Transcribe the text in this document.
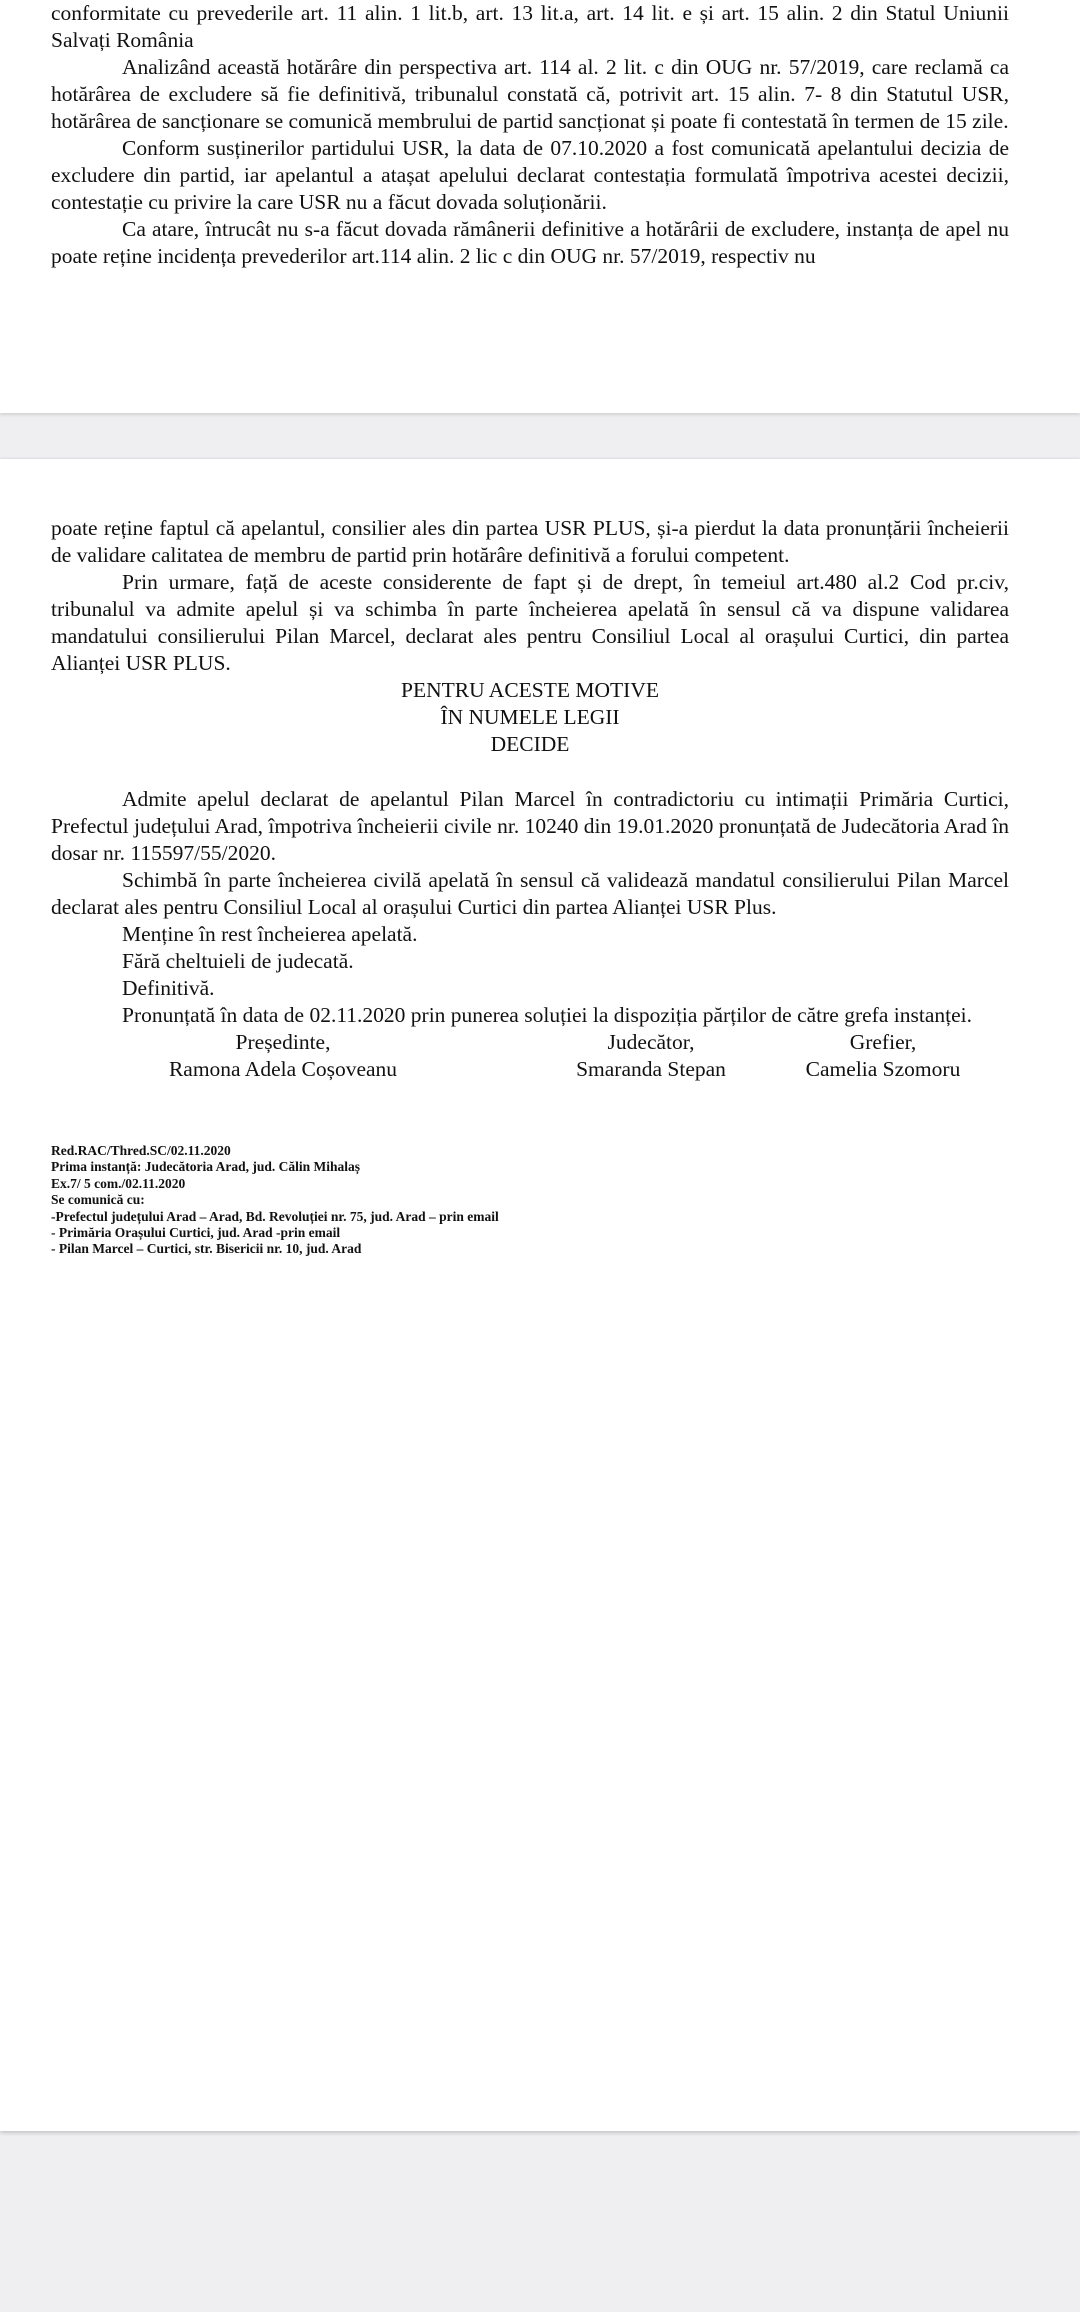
conformitate cu prevederile art. 11 alin. 1 lit.b, art. 13 lit.a, art. 14 lit. e și art. 15 alin. 2 din Statul Uniunii Salvați România

Analizând această hotărâre din perspectiva art. 114 al. 2 lit. c din OUG nr. 57/2019, care reclamă ca hotărârea de excludere să fie definitivă, tribunalul constată că, potrivit art. 15 alin. 7- 8 din Statutul USR, hotărârea de sancționare se comunică membrului de partid sancționat și poate fi contestată în termen de 15 zile.

Conform susținerilor partidului USR, la data de 07.10.2020 a fost comunicată apelantului decizia de excludere din partid, iar apelantul a atașat apelului declarat contestația formulată împotriva acestei decizii, contestație cu privire la care USR nu a făcut dovada soluționării.

Ca atare, întrucât nu s-a făcut dovada rămânerii definitive a hotărârii de excludere, instanța de apel nu poate reține incidența prevederilor art.114 alin. 2 lic c din OUG nr. 57/2019, respectiv nu

poate reține faptul că apelantul, consilier ales din partea USR PLUS, și-a pierdut la data pronunțării încheierii de validare calitatea de membru de partid prin hotărâre definitivă a forului competent.

Prin urmare, față de aceste considerente de fapt și de drept, în temeiul art.480 al.2 Cod pr.civ, tribunalul va admite apelul și va schimba în parte încheierea apelată în sensul că va dispune validarea mandatului consilierului Pilan Marcel, declarat ales pentru Consiliul Local al orașului Curtici, din partea Alianței USR PLUS.

PENTRU ACESTE MOTIVE
ÎN NUMELE LEGII
DECIDE

Admite apelul declarat de apelantul Pilan Marcel în contradictoriu cu intimații Primăria Curtici, Prefectul județului Arad, împotriva încheierii civile nr. 10240 din 19.01.2020 pronunțată de Judecătoria Arad în dosar nr. 115597/55/2020.

Schimbă în parte încheierea civilă apelată în sensul că validează mandatul consilierului Pilan Marcel declarat ales pentru Consiliul Local al orașului Curtici din partea Alianței USR Plus.

Menține în rest încheierea apelată.

Fără cheltuieli de judecată.

Definitivă.

Pronunțată în data de 02.11.2020 prin punerea soluției la dispoziția părților de către grefa instanței.

Președinte,
Ramona Adela Coșoveanu
Judecător,
Smaranda Stepan
Grefier,
Camelia Szomoru
Red.RAC/Thred.SC/02.11.2020
Prima instanță: Judecătoria Arad, jud. Călin Mihalaș
Ex.7/ 5 com./02.11.2020
Se comunică cu:
-Prefectul județului Arad – Arad, Bd. Revoluției nr. 75, jud. Arad – prin email
- Primăria Orașului Curtici, jud. Arad -prin email
- Pilan Marcel – Curtici, str. Bisericii nr. 10, jud. Arad
